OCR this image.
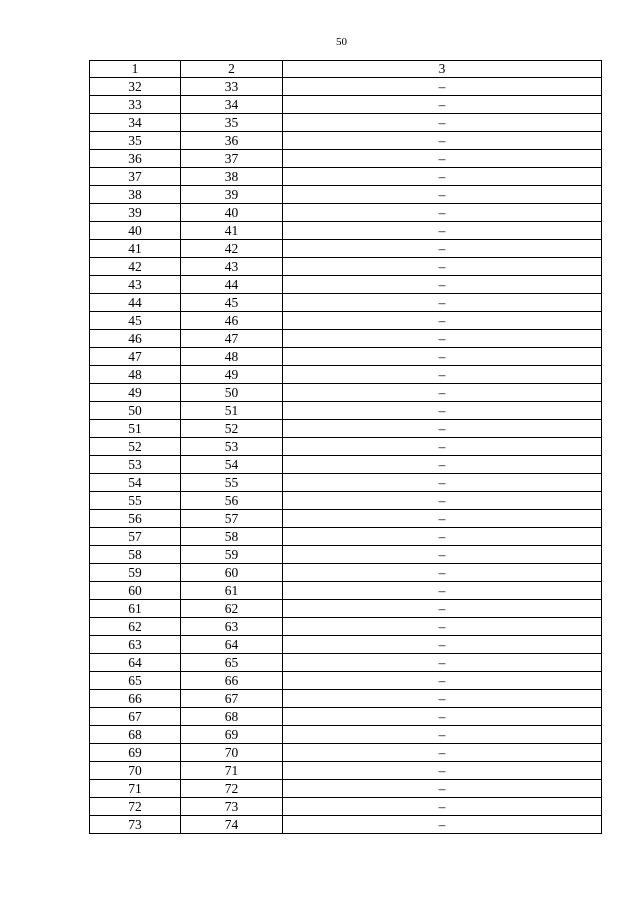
50
1	2	3
32	33	–
33	34	–
34	35	–
35	36	–
36	37	–
37	38	–
38	39	–
39	40	–
40	41	–
41	42	–
42	43	–
43	44	–
44	45	–
45	46	–
46	47	–
47	48	–
48	49	–
49	50	–
50	51	–
51	52	–
52	53	–
53	54	–
54	55	–
55	56	–
56	57	–
57	58	–
58	59	–
59	60	–
60	61	–
61	62	–
62	63	–
63	64	–
64	65	–
65	66	–
66	67	–
67	68	–
68	69	–
69	70	–
70	71	–
71	72	–
72	73	–
73	74	–
